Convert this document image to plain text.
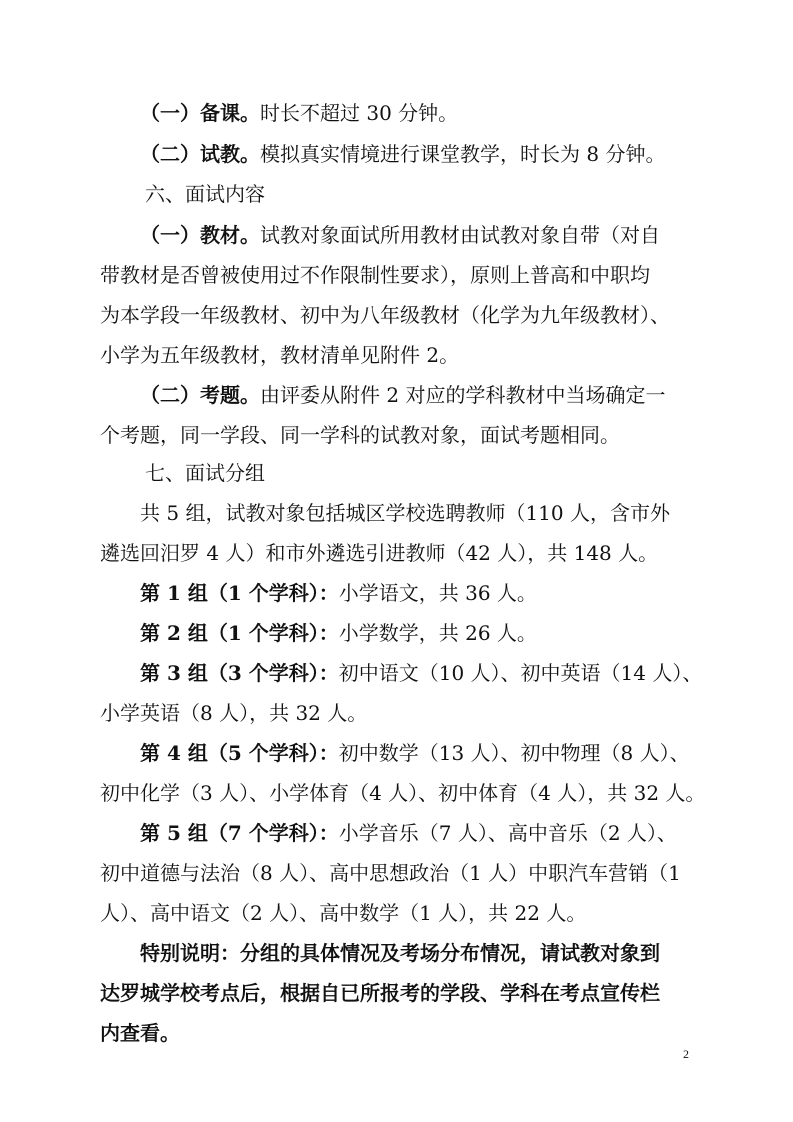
（一）备课。时长不超过 30 分钟。
（二）试教。模拟真实情境进行课堂教学，时长为 8 分钟。
六、面试内容
（一）教材。试教对象面试所用教材由试教对象自带（对自
带教材是否曾被使用过不作限制性要求），原则上普高和中职均
为本学段一年级教材、初中为八年级教材（化学为九年级教材）、
小学为五年级教材，教材清单见附件 2。
（二）考题。由评委从附件 2 对应的学科教材中当场确定一
个考题，同一学段、同一学科的试教对象，面试考题相同。
七、面试分组
共 5 组，试教对象包括城区学校选聘教师（110 人，含市外
遴选回汨罗 4 人）和市外遴选引进教师（42 人），共 148 人。
第 1 组（1 个学科）：小学语文，共 36 人。
第 2 组（1 个学科）：小学数学，共 26 人。
第 3 组（3 个学科）：初中语文（10 人）、初中英语（14 人）、
小学英语（8 人），共 32 人。
第 4 组（5 个学科）：初中数学（13 人）、初中物理（8 人）、
初中化学（3 人）、小学体育（4 人）、初中体育（4 人），共 32 人。
第 5 组（7 个学科）：小学音乐（7 人）、高中音乐（2 人）、
初中道德与法治（8 人）、高中思想政治（1 人）中职汽车营销（1
人）、高中语文（2 人）、高中数学（1 人），共 22 人。
特别说明：分组的具体情况及考场分布情况，请试教对象到
达罗城学校考点后，根据自已所报考的学段、学科在考点宣传栏
内查看。
2
